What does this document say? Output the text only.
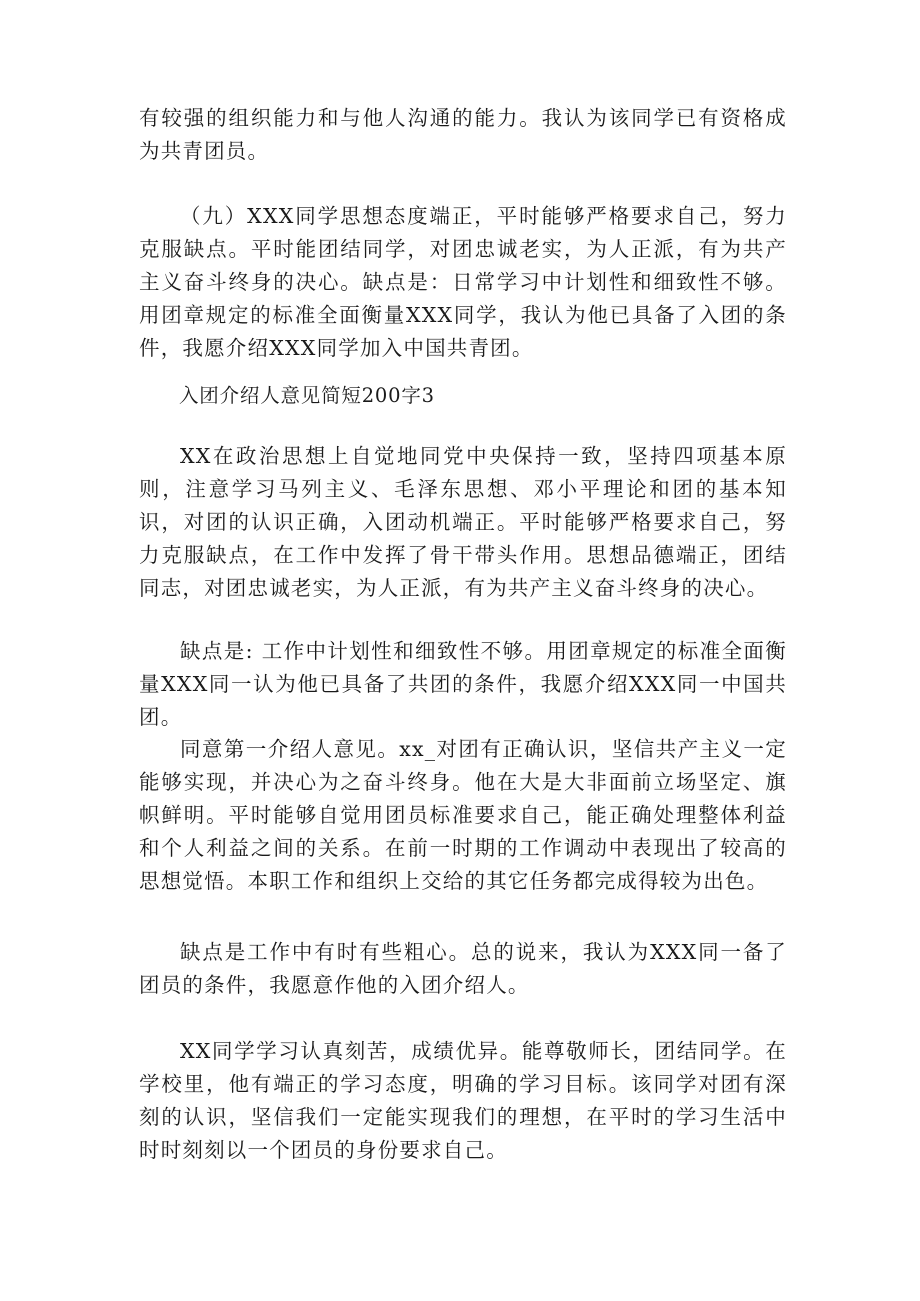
有较强的组织能力和与他人沟通的能力。我认为该同学已有资格成为共青团员。

（九）XXX同学思想态度端正，平时能够严格要求自己，努力克服缺点。平时能团结同学，对团忠诚老实，为人正派，有为共产主义奋斗终身的决心。缺点是：日常学习中计划性和细致性不够。用团章规定的标准全面衡量XXX同学，我认为他已具备了入团的条件，我愿介绍XXX同学加入中国共青团。

入团介绍人意见简短200字3

XX在政治思想上自觉地同党中央保持一致，坚持四项基本原则，注意学习马列主义、毛泽东思想、邓小平理论和团的基本知识，对团的认识正确，入团动机端正。平时能够严格要求自己，努力克服缺点，在工作中发挥了骨干带头作用。思想品德端正，团结同志，对团忠诚老实，为人正派，有为共产主义奋斗终身的决心。

缺点是: 工作中计划性和细致性不够。用团章规定的标准全面衡量XXX同一认为他已具备了共团的条件，我愿介绍XXX同一中国共团。

同意第一介绍人意见。xx_对团有正确认识，坚信共产主义一定能够实现，并决心为之奋斗终身。他在大是大非面前立场坚定、旗帜鲜明。平时能够自觉用团员标准要求自己，能正确处理整体利益和个人利益之间的关系。在前一时期的工作调动中表现出了较高的思想觉悟。本职工作和组织上交给的其它任务都完成得较为出色。

缺点是工作中有时有些粗心。总的说来，我认为XXX同一备了团员的条件，我愿意作他的入团介绍人。

XX同学学习认真刻苦，成绩优异。能尊敬师长，团结同学。在学校里，他有端正的学习态度，明确的学习目标。该同学对团有深刻的认识，坚信我们一定能实现我们的理想，在平时的学习生活中时时刻刻以一个团员的身份要求自己。
